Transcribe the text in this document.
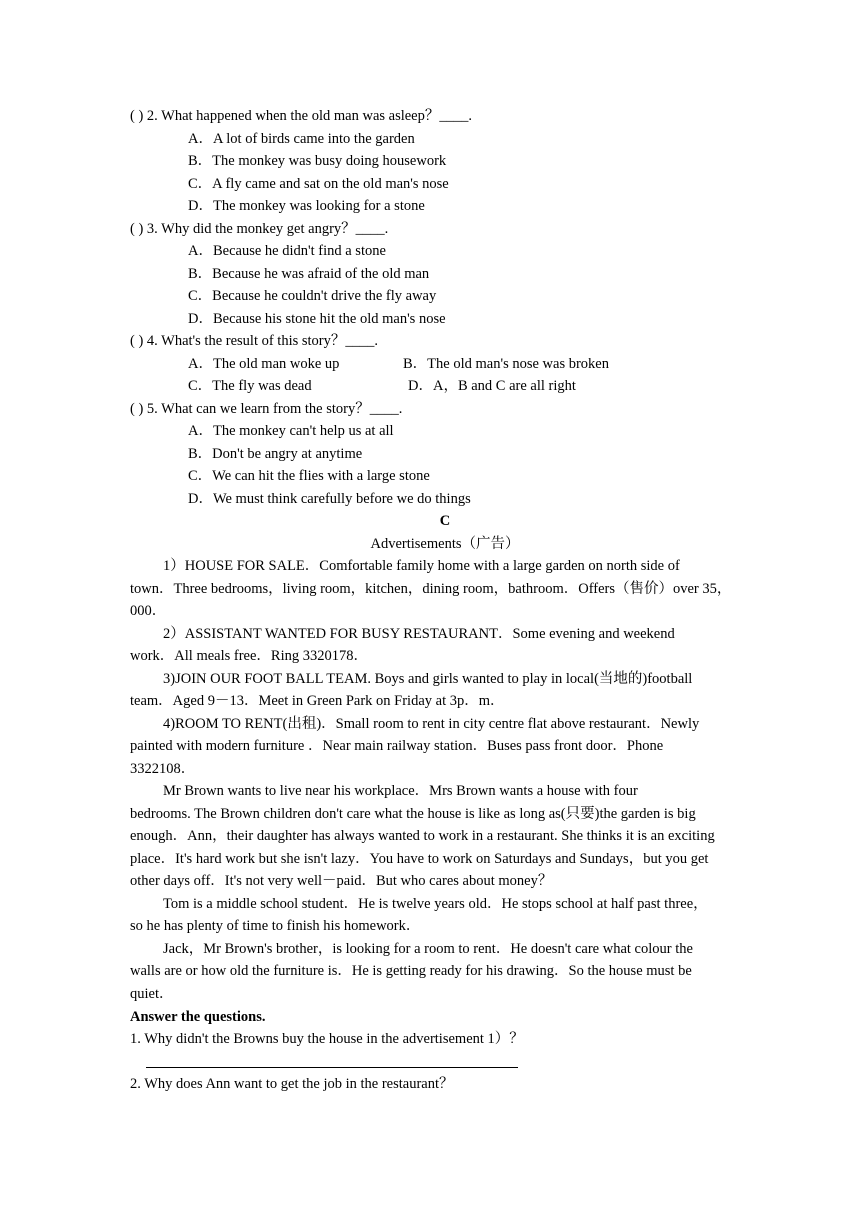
( ) 2. What happened when the old man was asleep？____.
A．A lot of birds came into the garden
B．The monkey was busy doing housework
C．A fly came and sat on the old man's nose
D．The monkey was looking for a stone
( ) 3. Why did the monkey get angry？____.
A．Because he didn't find a stone
B．Because he was afraid of the old man
C．Because he couldn't drive the fly away
D．Because his stone hit the old man's nose
( ) 4. What's the result of this story？____.
A．The old man woke up	B．The old man's nose was broken
C．The fly was dead	D．A，B and C are all right
( ) 5. What can we learn from the story？____.
A．The monkey can't help us at all
B．Don't be angry at anytime
C．We can hit the flies with a large stone
D．We must think carefully before we do things
C
Advertisements（广告）
1）HOUSE FOR SALE．Comfortable family home with a large garden on north side of
town．Three bedrooms，living room，kitchen，dining room，bathroom．Offers（售价）over 35，
000．
2）ASSISTANT WANTED FOR BUSY RESTAURANT．Some evening and weekend
work．All meals free．Ring 3320178．
3)JOIN OUR FOOT BALL TEAM. Boys and girls wanted to play in local(当地的)football
team．Aged 9－13．Meet in Green Park on Friday at 3p．m．
4)ROOM TO RENT(出租)．Small room to rent in city centre flat above restaurant．Newly
painted with modern furniture ．Near main railway station．Buses pass front door．Phone
3322108．
Mr Brown wants to live near his workplace．Mrs Brown wants a house with four
bedrooms. The Brown children don't care what the house is like as long as(只要)the garden is big
enough．Ann，their daughter has always wanted to work in a restaurant. She thinks it is an exciting
place．It's hard work but she isn't lazy．You have to work on Saturdays and Sundays，but you get
other days off．It's not very well－paid．But who cares about money？
Tom is a middle school student．He is twelve years old．He stops school at half past three，
so he has plenty of time to finish his homework．
Jack，Mr Brown's brother，is looking for a room to rent．He doesn't care what colour the
walls are or how old the furniture is．He is getting ready for his drawing．So the house must be
quiet．
Answer the questions.
1. Why didn't the Browns buy the house in the advertisement 1）？
2. Why does Ann want to get the job in the restaurant？
